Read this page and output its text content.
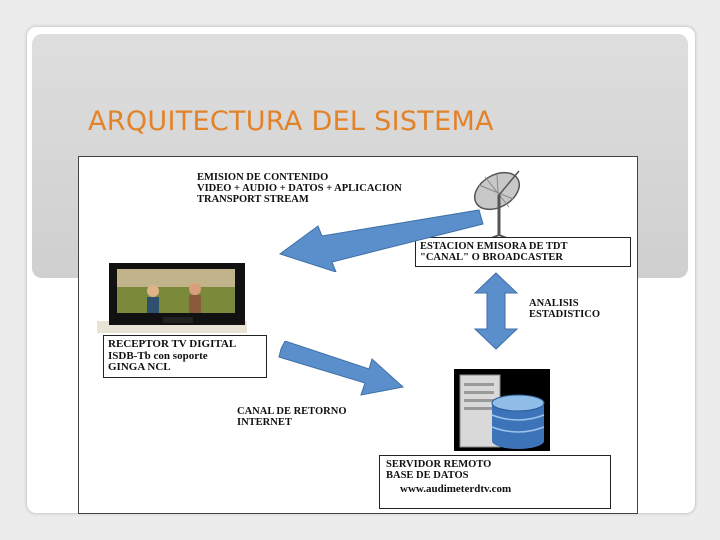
ARQUITECTURA DEL SISTEMA
EMISION DE CONTENIDO
VIDEO + AUDIO + DATOS + APLICACION
TRANSPORT STREAM
ESTACION EMISORA DE TDT
"CANAL" O BROADCASTER
RECEPTOR TV DIGITAL
ISDB-Tb con soporte
GINGA NCL
ANALISIS
ESTADISTICO
CANAL DE RETORNO
INTERNET
SERVIDOR REMOTO
BASE DE DATOS
www.audimeterdtv.com
